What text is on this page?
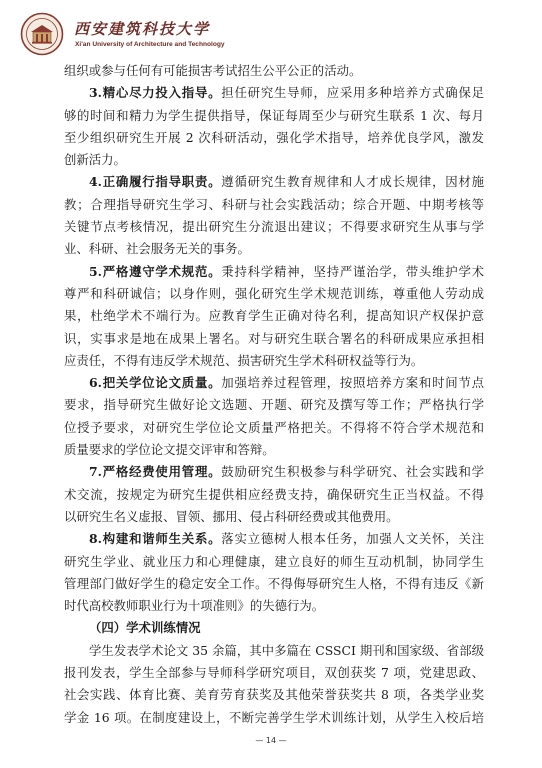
西安建筑科技大学
Xi'an University of Architecture and Technology
组织或参与任何有可能损害考试招生公平公正的活动。
3.精心尽力投入指导。担任研究生导师，应采用多种培养方式确保足
够的时间和精力为学生提供指导，保证每周至少与研究生联系 1 次、每月
至少组织研究生开展 2 次科研活动，强化学术指导，培养优良学风，激发
创新活力。
4.正确履行指导职责。遵循研究生教育规律和人才成长规律，因材施
教；合理指导研究生学习、科研与社会实践活动；综合开题、中期考核等
关键节点考核情况，提出研究生分流退出建议；不得要求研究生从事与学
业、科研、社会服务无关的事务。
5.严格遵守学术规范。秉持科学精神，坚持严谨治学，带头维护学术
尊严和科研诚信；以身作则，强化研究生学术规范训练，尊重他人劳动成
果，杜绝学术不端行为。应教育学生正确对待名利，提高知识产权保护意
识，实事求是地在成果上署名。对与研究生联合署名的科研成果应承担相
应责任，不得有违反学术规范、损害研究生学术科研权益等行为。
6.把关学位论文质量。加强培养过程管理，按照培养方案和时间节点
要求，指导研究生做好论文选题、开题、研究及撰写等工作；严格执行学
位授予要求，对研究生学位论文质量严格把关。不得将不符合学术规范和
质量要求的学位论文提交评审和答辩。
7.严格经费使用管理。鼓励研究生积极参与科学研究、社会实践和学
术交流，按规定为研究生提供相应经费支持，确保研究生正当权益。不得
以研究生名义虚报、冒领、挪用、侵占科研经费或其他费用。
8.构建和谐师生关系。落实立德树人根本任务，加强人文关怀，关注
研究生学业、就业压力和心理健康，建立良好的师生互动机制，协同学生
管理部门做好学生的稳定安全工作。不得侮辱研究生人格，不得有违反《新
时代高校教师职业行为十项准则》的失德行为。
（四）学术训练情况
学生发表学术论文 35 余篇，其中多篇在 CSSCI 期刊和国家级、省部级
报刊发表，学生全部参与导师科学研究项目，双创获奖 7 项，党建思政、
社会实践、体育比赛、美育劳育获奖及其他荣誉获奖共 8 项，各类学业奖
学金 16 项。在制度建设上，不断完善学生学术训练计划，从学生入校后培
— 14 —
